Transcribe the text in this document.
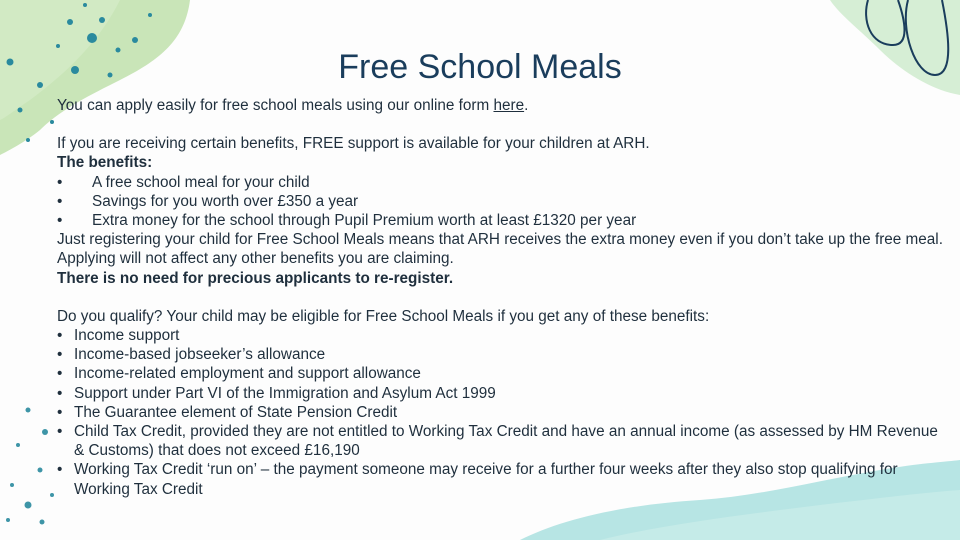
Free School Meals

You can apply easily for free school meals using our online form here.

If you are receiving certain benefits, FREE support is available for your children at ARH.

The benefits:

• A free school meal for your child
• Savings for you worth over £350 a year
• Extra money for the school through Pupil Premium worth at least £1320 per year

Just registering your child for Free School Meals means that ARH receives the extra money even if you don’t take up the free meal. Applying will not affect any other benefits you are claiming.

There is no need for precious applicants to re-register.

Do you qualify? Your child may be eligible for Free School Meals if you get any of these benefits:

• Income support
• Income-based jobseeker’s allowance
• Income-related employment and support allowance
• Support under Part VI of the Immigration and Asylum Act 1999
• The Guarantee element of State Pension Credit
• Child Tax Credit, provided they are not entitled to Working Tax Credit and have an annual income (as assessed by HM Revenue & Customs) that does not exceed £16,190
• Working Tax Credit ‘run on’ – the payment someone may receive for a further four weeks after they also stop qualifying for Working Tax Credit
